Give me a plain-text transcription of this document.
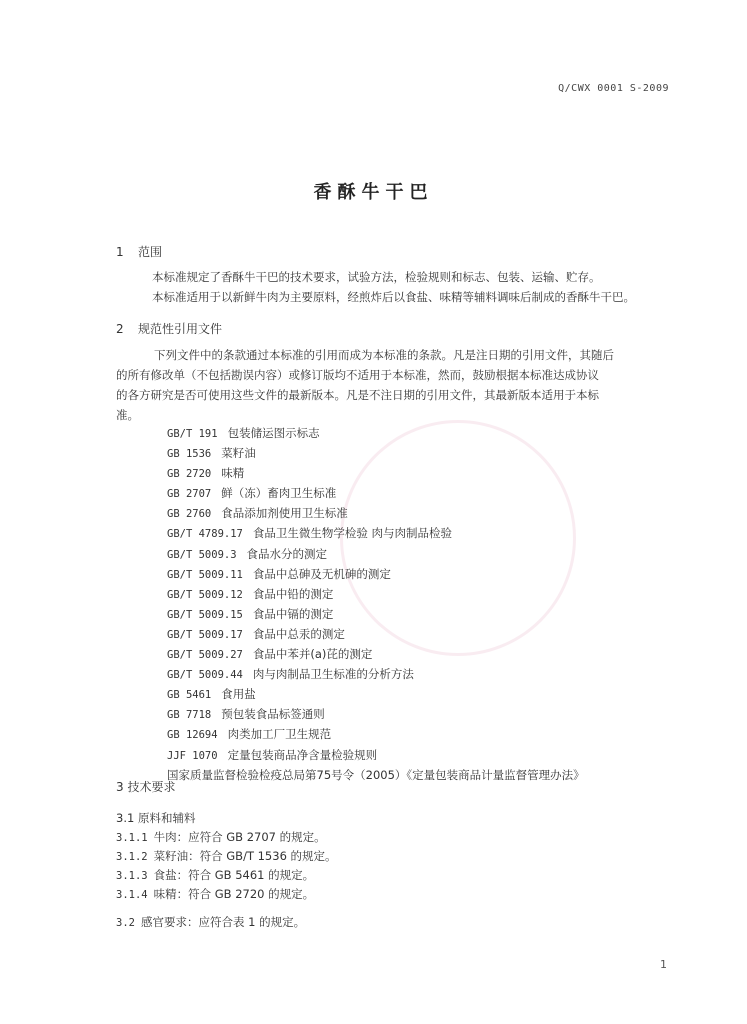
Q/CWX 0001 S-2009
香酥牛干巴
1 范围
本标准规定了香酥牛干巴的技术要求，试验方法，检验规则和标志、包装、运输、贮存。
本标准适用于以新鲜牛肉为主要原料，经煎炸后以食盐、味精等辅料调味后制成的香酥牛干巴。
2 规范性引用文件
下列文件中的条款通过本标准的引用而成为本标准的条款。凡是注日期的引用文件，其随后
的所有修改单（不包括勘误内容）或修订版均不适用于本标准，然而，鼓励根据本标准达成协议
的各方研究是否可使用这些文件的最新版本。凡是不注日期的引用文件，其最新版本适用于本标
准。
GB/T 191 包装储运图示标志
GB 1536 菜籽油
GB 2720 味精
GB 2707 鲜（冻）畜肉卫生标准
GB 2760 食品添加剂使用卫生标准
GB/T 4789.17 食品卫生微生物学检验 肉与肉制品检验
GB/T 5009.3 食品水分的测定
GB/T 5009.11 食品中总砷及无机砷的测定
GB/T 5009.12 食品中铅的测定
GB/T 5009.15 食品中镉的测定
GB/T 5009.17 食品中总汞的测定
GB/T 5009.27 食品中苯并(a)芘的测定
GB/T 5009.44 肉与肉制品卫生标准的分析方法
GB 5461 食用盐
GB 7718 预包装食品标签通则
GB 12694 肉类加工厂卫生规范
JJF 1070 定量包装商品净含量检验规则
国家质量监督检验检疫总局第75号令（2005）《定量包装商品计量监督管理办法》
3 技术要求
3.1 原料和辅料
3.1.1 牛肉：应符合 GB 2707 的规定。
3.1.2 菜籽油：符合 GB/T 1536 的规定。
3.1.3 食盐：符合 GB 5461 的规定。
3.1.4 味精：符合 GB 2720 的规定。
3.2 感官要求：应符合表 1 的规定。
1
